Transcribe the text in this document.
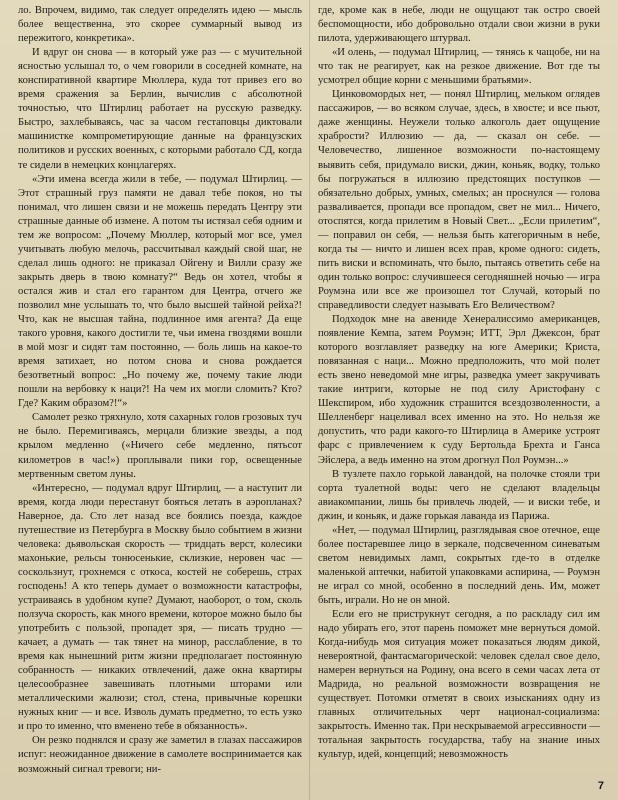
ло. Впрочем, видимо, так следует определять идею — мысль более вещественна, это скорее суммарный вывод из пережитого, конкретика».

И вдруг он снова — в который уже раз — с мучительной ясностью услышал то, о чем говорили в соседней комнате, на конспиративной квартире Мюллера, куда тот привез его во время сражения за Берлин, вычислив с абсолютной точностью, что Штирлиц работает на русскую разведку. Быстро, захлебываясь, час за часом гестаповцы диктовали машинистке компрометирующие данные на французских политиков и русских военных, с которыми работало СД, когда те сидели в немецких концлагерях.

«Эти имена всегда жили в тебе, — подумал Штирлиц. — Этот страшный груз памяти не давал тебе покоя, но ты понимал, что лишен связи и не можешь передать Центру эти страшные данные об измене. А потом ты истязал себя одним и тем же вопросом: „Почему Мюллер, который мог все, умел учитывать любую мелочь, рассчитывал каждый свой шаг, не сделал лишь одного: не приказал Ойгену и Вилли сразу же закрыть дверь в твою комнату?“ Ведь он хотел, чтобы я остался жив и стал его гарантом для Центра, отчего же позволил мне услышать то, что было высшей тайной рейха?! Что, как не высшая тайна, подлинное имя агента? Да еще такого уровня, какого достигли те, чьи имена гвоздями вошли в мой мозг и сидят там постоянно, — боль лишь на какое-то время затихает, но потом снова и снова рождается безответный вопрос: „Но почему же, почему такие люди пошли на вербовку к наци?! На чем их могли сломить? Кто? Где? Каким образом?!“»

Самолет резко тряхнуло, хотя сахарных голов грозовых туч не было. Перемигиваясь, мерцали близкие звезды, а под крылом медленно («Ничего себе медленно, пятьсот километров в час!») проплывали пики гор, освещенные мертвенным светом луны.

«Интересно, — подумал вдруг Штирлиц, — а наступит ли время, когда люди перестанут бояться летать в аэропланах? Наверное, да. Сто лет назад все боялись поезда, каждое путешествие из Петербурга в Москву было событием в жизни человека: дьявольская скорость — тридцать верст, колесики махонькие, рельсы тонюсенькие, склизкие, неровен час — соскользнут, грохнемся с откоса, костей не соберешь, страх господень! А кто теперь думает о возможности катастрофы, устраиваясь в удобном купе? Думают, наоборот, о том, сколь ползуча скорость, как много времени, которое можно было бы употребить с пользой, пропадет зря, — писать трудно — качает, а думать — так тянет на минор, расслабление, в то время как нынешний ритм жизни предполагает постоянную собранность — никаких отвлечений, даже окна квартиры целесообразнее завешивать плотными шторами или металлическими жалюзи; стол, стена, привычные корешки нужных книг — и все. Изволь думать предметно, то есть узко и про то именно, что вменено тебе в обязанность».

Он резко поднялся и сразу же заметил в глазах пассажиров испуг: неожиданное движение в самолете воспринимается как возможный сигнал тревоги; ни-

где, кроме как в небе, люди не ощущают так остро своей беспомощности, ибо добровольно отдали свои жизни в руки пилота, удерживающего штурвал.

«И олень, — подумал Штирлиц, — тянясь к чащобе, ни на что так не реагирует, как на резкое движение. Вот где ты усмотрел общие корни с меньшими братьями».

Цинковомордых нет, — понял Штирлиц, мельком оглядев пассажиров, — во всяком случае, здесь, в хвосте; и все пьют, даже женщины. Неужели только алкоголь дает ощущение храбрости? Иллюзию — да, — сказал он себе. — Человечество, лишенное возможности по-настоящему выявить себя, придумало виски, джин, коньяк, водку, только бы погружаться в иллюзию предстоящих поступков — обязательно добрых, умных, смелых; ан проснулся — голова разваливается, пропади все пропадом, свет не мил... Ничего, отоспятся, когда прилетим в Новый Свет... „Если прилетим“, — поправил он себя, — нельзя быть категоричным в небе, когда ты — ничто и лишен всех прав, кроме одного: сидеть, пить виски и вспоминать, что было, пытаясь ответить себе на один только вопрос: случившееся сегодняшней ночью — игра Роумэна или все же произошел тот Случай, который по справедливости следует называть Его Величеством?

Подходок мне на авениде Хенералиссимо американцев, появление Кемпа, затем Роумэн; ИТТ, Эрл Джексон, брат которого возглавляет разведку на юге Америки; Криста, повязанная с наци... Можно предположить, что мой полет есть звено неведомой мне игры, разведка умеет закручивать такие интриги, которые не под силу Аристофану с Шекспиром, ибо художник страшится всездозволенности, а Шелленберг нацеливал всех именно на это. Но нельзя же допустить, что ради какого-то Штирлица в Америке устроят фарс с привлечением к суду Бертольда Брехта и Ганса Эйслера, а ведь именно на этом дрогнул Пол Роумэн...»

В тузлете пахло горькой лавандой, на полочке стояли три сорта туалетной воды: чего не сделают владельцы авиакомпании, лишь бы привлечь людей, — и виски тебе, и джин, и коньяк, и даже горькая лаванда из Парижа.

«Нет, — подумал Штирлиц, разглядывая свое отечное, еще более постаревшее лицо в зеркале, подсвеченном синеватым светом невидимых ламп, сокрытых где-то в отделке маленькой аптечки, набитой упаковками аспирина, — Роумэн не играл со мной, особенно в последний день. Им, может быть, играли. Но не он мной.

Если его не приструкнут сегодня, а по раскладу сил им надо убирать его, этот парень поможет мне вернуться домой. Когда-нибудь моя ситуация может показаться людям дикой, невероятной, фантасмагорической: человек сделал свое дело, намерен вернуться на Родину, она всего в семи часах лета от Мадрида, но реальной возможности возвращения не существует. Потомки отметят в своих изысканиях одну из главных отличительных черт национал-социализма: закрытость. Именно так. При нескрываемой агрессивности — тотальная закрытость государства, табу на знание иных культур, идей, концепций; невозможность

7
